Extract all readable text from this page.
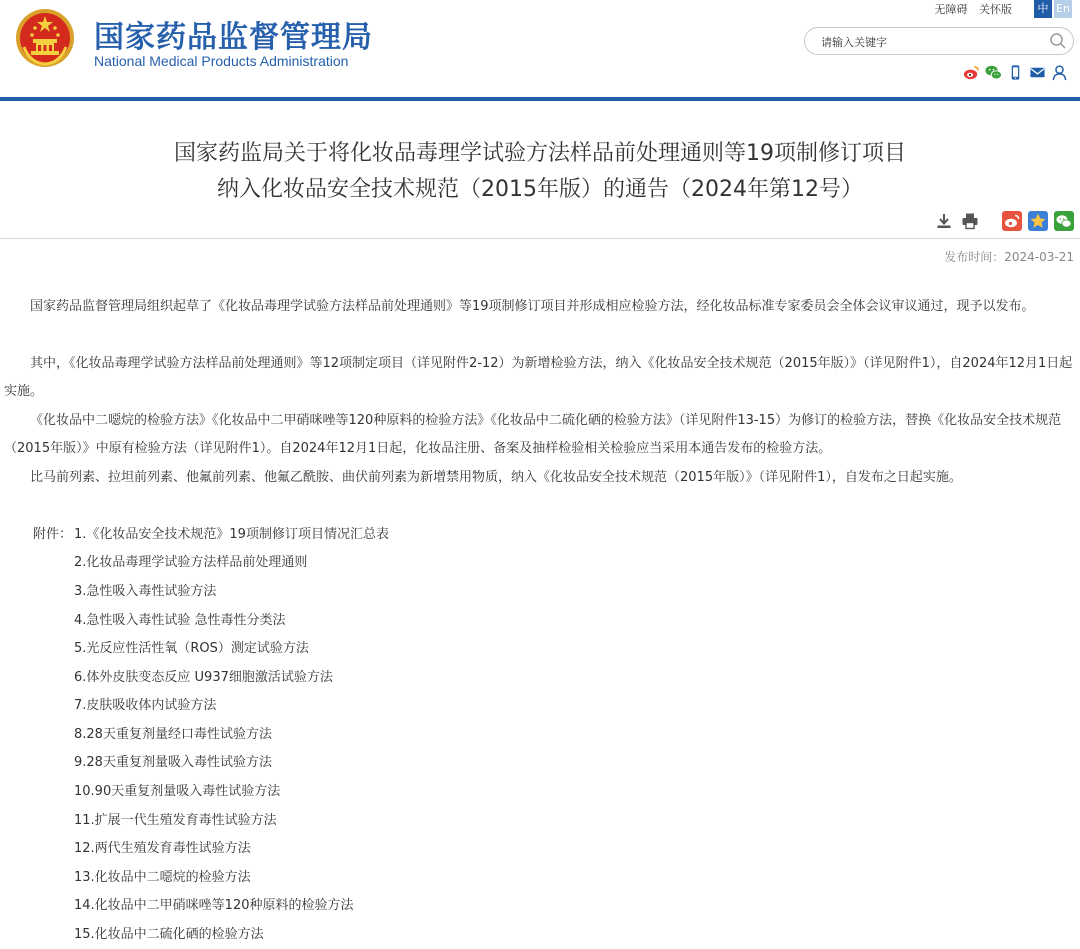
国家药品监督管理局
National Medical Products Administration
无障碍 关怀版	中 En
请输入关键字
国家药监局关于将化妆品毒理学试验方法样品前处理通则等19项制修订项目
纳入化妆品安全技术规范（2015年版）的通告（2024年第12号）
发布时间：2024-03-21

国家药品监督管理局组织起草了《化妆品毒理学试验方法样品前处理通则》等19项制修订项目并形成相应检验方法，经化妆品标准专家委员会全体会议审议通过，现予以发布。

其中，《化妆品毒理学试验方法样品前处理通则》等12项制定项目（详见附件2-12）为新增检验方法，纳入《化妆品安全技术规范（2015年版）》（详见附件1），自2024年12月1日起实施。

《化妆品中二噁烷的检验方法》《化妆品中二甲硝咪唑等120种原料的检验方法》《化妆品中二硫化硒的检验方法》（详见附件13-15）为修订的检验方法，替换《化妆品安全技术规范（2015年版）》中原有检验方法（详见附件1）。自2024年12月1日起，化妆品注册、备案及抽样检验相关检验应当采用本通告发布的检验方法。

比马前列素、拉坦前列素、他氟前列素、他氟乙酰胺、曲伏前列素为新增禁用物质，纳入《化妆品安全技术规范（2015年版）》（详见附件1），自发布之日起实施。

附件： 1.《化妆品安全技术规范》19项制修订项目情况汇总表
2.化妆品毒理学试验方法样品前处理通则
3.急性吸入毒性试验方法
4.急性吸入毒性试验 急性毒性分类法
5.光反应性活性氧（ROS）测定试验方法
6.体外皮肤变态反应 U937细胞激活试验方法
7.皮肤吸收体内试验方法
8.28天重复剂量经口毒性试验方法
9.28天重复剂量吸入毒性试验方法
10.90天重复剂量吸入毒性试验方法
11.扩展一代生殖发育毒性试验方法
12.两代生殖发育毒性试验方法
13.化妆品中二噁烷的检验方法
14.化妆品中二甲硝咪唑等120种原料的检验方法
15.化妆品中二硫化硒的检验方法
